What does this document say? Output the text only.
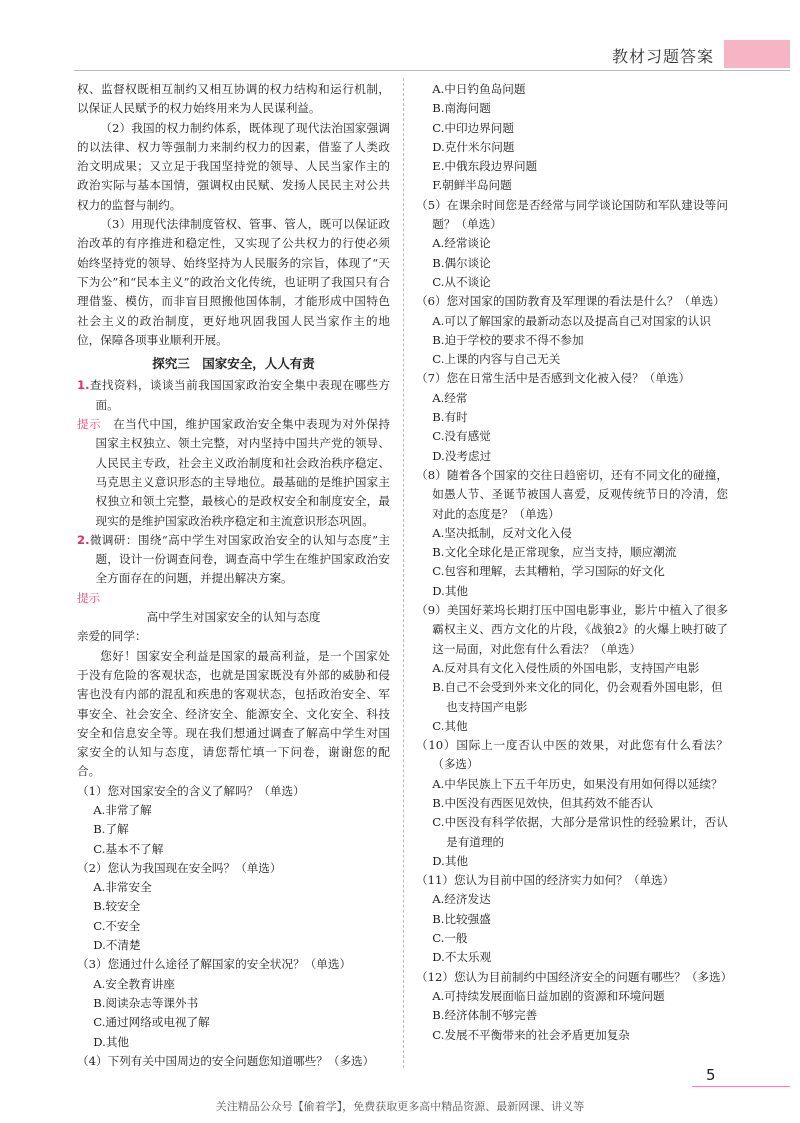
教材习题答案

权、监督权既相互制约又相互协调的权力结构和运行机制，以保证人民赋予的权力始终用来为人民谋利益。

（2）我国的权力制约体系，既体现了现代法治国家强调的以法律、权力等强制力来制约权力的因素，借鉴了人类政治文明成果；又立足于我国坚持党的领导、人民当家作主的政治实际与基本国情，强调权由民赋、发扬人民民主对公共权力的监督与制约。

（3）用现代法律制度管权、管事、管人，既可以保证政治改革的有序推进和稳定性，又实现了公共权力的行使必须始终坚持党的领导、始终坚持为人民服务的宗旨，体现了“天下为公”和“民本主义”的政治文化传统，也证明了我国只有合理借鉴、模仿，而非盲目照搬他国体制，才能形成中国特色社会主义的政治制度，更好地巩固我国人民当家作主的地位，保障各项事业顺利开展。

探究三　国家安全，人人有责

1.查找资料，谈谈当前我国国家政治安全集中表现在哪些方面。

提示　在当代中国，维护国家政治安全集中表现为对外保持国家主权独立、领土完整，对内坚持中国共产党的领导、人民民主专政，社会主义政治制度和社会政治秩序稳定、马克思主义意识形态的主导地位。最基础的是维护国家主权独立和领土完整，最核心的是政权安全和制度安全，最现实的是维护国家政治秩序稳定和主流意识形态巩固。

2.微调研：围绕“高中学生对国家政治安全的认知与态度”主题，设计一份调查问卷，调查高中学生在维护国家政治安全方面存在的问题，并提出解决方案。

提示

高中学生对国家安全的认知与态度

亲爱的同学：

您好！国家安全利益是国家的最高利益，是一个国家处于没有危险的客观状态，也就是国家既没有外部的威胁和侵害也没有内部的混乱和疾患的客观状态，包括政治安全、军事安全、社会安全、经济安全、能源安全、文化安全、科技安全和信息安全等。现在我们想通过调查了解高中学生对国家安全的认知与态度，请您帮忙填一下问卷，谢谢您的配合。

（1）您对国家安全的含义了解吗？（单选）

A.非常了解

B.了解

C.基本不了解

（2）您认为我国现在安全吗？（单选）

A.非常安全

B.较安全

C.不安全

D.不清楚

（3）您通过什么途径了解国家的安全状况？（单选）

A.安全教育讲座

B.阅读杂志等课外书

C.通过网络或电视了解

D.其他

（4）下列有关中国周边的安全问题您知道哪些？（多选）

A.中日钓鱼岛问题

B.南海问题

C.中印边界问题

D.克什米尔问题

E.中俄东段边界问题

F.朝鲜半岛问题

（5）在课余时间您是否经常与同学谈论国防和军队建设等问题？（单选）

A.经常谈论

B.偶尔谈论

C.从不谈论

（6）您对国家的国防教育及军理课的看法是什么？（单选）

A.可以了解国家的最新动态以及提高自己对国家的认识

B.迫于学校的要求不得不参加

C.上课的内容与自己无关

（7）您在日常生活中是否感到文化被入侵？（单选）

A.经常

B.有时

C.没有感觉

D.没考虑过

（8）随着各个国家的交往日趋密切，还有不同文化的碰撞，如愚人节、圣诞节被国人喜爱，反观传统节日的冷清，您对此的态度是？（单选）

A.坚决抵制，反对文化入侵

B.文化全球化是正常现象，应当支持，顺应潮流

C.包容和理解，去其糟粕，学习国际的好文化

D.其他

（9）美国好莱坞长期打压中国电影事业，影片中植入了很多霸权主义、西方文化的片段，《战狼2》的火爆上映打破了这一局面，对此您有什么看法？（单选）

A.反对具有文化入侵性质的外国电影，支持国产电影

B.自己不会受到外来文化的同化，仍会观看外国电影，但

也支持国产电影

C.其他

（10）国际上一度否认中医的效果，对此您有什么看法？（多选）

A.中华民族上下五千年历史，如果没有用如何得以延续？

B.中医没有西医见效快，但其药效不能否认

C.中医没有科学依据，大部分是常识性的经验累计，否认是有道理的

D.其他

（11）您认为目前中国的经济实力如何？（单选）

A.经济发达

B.比较强盛

C.一般

D.不太乐观

（12）您认为目前制约中国经济安全的问题有哪些？（多选）

A.可持续发展面临日益加剧的资源和环境问题

B.经济体制不够完善

C.发展不平衡带来的社会矛盾更加复杂

5
关注精品公众号【偷着学】，免费获取更多高中精品资源、最新网课、讲义等
